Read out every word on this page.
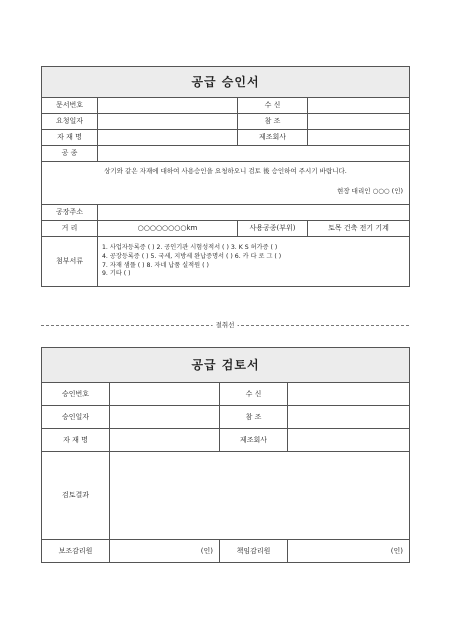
공급 승인서			
문서번호		수 신	
요청일자		참 조	
자 재 명		제조회사	
공 종			

상기와 같은 자재에 대하여 사용승인을 요청하오니 검토 後 승인하여 주시기 바랍니다.
현장 대리인 ○○○ (인)			

공장주소			
거 리	○○○○○○○○km	사용공종(부위)	토목 건축 전기 기계
첨부서류	1. 사업자등록증 ( ) 2. 공인기관 시험성적서 ( ) 3. K S 허가증 ( )
4. 공장등록증 ( ) 5. 국세, 지방세 완납증명서 ( ) 6. 카 다 로 그 ( )
7. 자재 샘플 ( ) 8. 자네 납품 실적원 ( )
9. 기타 ( )		
절취선
공급 검토서			
승인번호		수 신	
승인일자		참 조	
자 재 명		제조회사	
검토결과			
보조감리원	(인)	책임감리원	(인)
